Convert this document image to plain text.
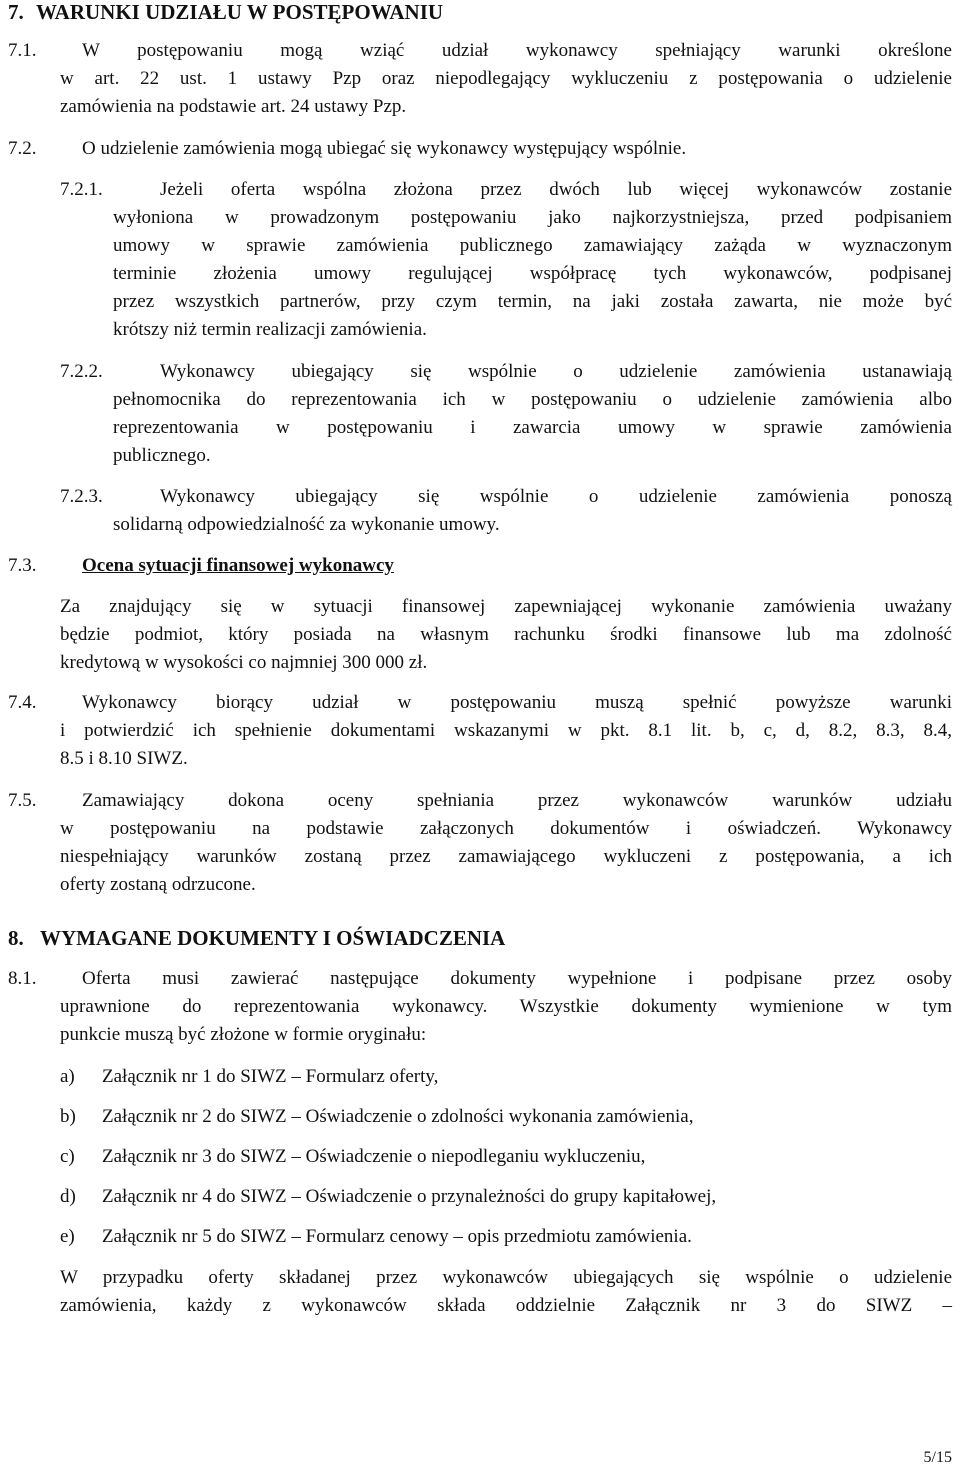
7. WARUNKI UDZIAŁU W POSTĘPOWANIU
7.1.	W postępowaniu mogą wziąć udział wykonawcy spełniający warunki określone
w art. 22 ust. 1 ustawy Pzp oraz niepodlegający wykluczeniu z postępowania o udzielenie
zamówienia na podstawie art. 24 ustawy Pzp.
7.2. O udzielenie zamówienia mogą ubiegać się wykonawcy występujący wspólnie.
7.2.1.	Jeżeli oferta wspólna złożona przez dwóch lub więcej wykonawców zostanie
wyłoniona w prowadzonym postępowaniu jako najkorzystniejsza, przed podpisaniem
umowy w sprawie zamówienia publicznego zamawiający zażąda w wyznaczonym
terminie złożenia umowy regulującej współpracę tych wykonawców, podpisanej
przez wszystkich partnerów, przy czym termin, na jaki została zawarta, nie może być
krótszy niż termin realizacji zamówienia.
7.2.2.	Wykonawcy ubiegający się wspólnie o udzielenie zamówienia ustanawiają
pełnomocnika do reprezentowania ich w postępowaniu o udzielenie zamówienia albo
reprezentowania w postępowaniu i zawarcia umowy w sprawie zamówienia
publicznego.
7.2.3.	Wykonawcy ubiegający się wspólnie o udzielenie zamówienia ponoszą
solidarną odpowiedzialność za wykonanie umowy.
7.3. Ocena sytuacji finansowej wykonawcy
Za znajdujący się w sytuacji finansowej zapewniającej wykonanie zamówienia uważany
będzie podmiot, który posiada na własnym rachunku środki finansowe lub ma zdolność
kredytową w wysokości co najmniej 300 000 zł.
7.4.	Wykonawcy biorący udział w postępowaniu muszą spełnić powyższe warunki
i potwierdzić ich spełnienie dokumentami wskazanymi w pkt. 8.1 lit. b, c, d, 8.2, 8.3, 8.4,
8.5 i 8.10 SIWZ.
7.5.	Zamawiający dokona oceny spełniania przez wykonawców warunków udziału
w postępowaniu na podstawie załączonych dokumentów i oświadczeń. Wykonawcy
niespełniający warunków zostaną przez zamawiającego wykluczeni z postępowania, a ich
oferty zostaną odrzucone.
8. WYMAGANE DOKUMENTY I OŚWIADCZENIA
8.1.	Oferta musi zawierać następujące dokumenty wypełnione i podpisane przez osoby
uprawnione do reprezentowania wykonawcy. Wszystkie dokumenty wymienione w tym
punkcie muszą być złożone w formie oryginału:
a) Załącznik nr 1 do SIWZ – Formularz oferty,
b) Załącznik nr 2 do SIWZ – Oświadczenie o zdolności wykonania zamówienia,
c) Załącznik nr 3 do SIWZ – Oświadczenie o niepodleganiu wykluczeniu,
d) Załącznik nr 4 do SIWZ – Oświadczenie o przynależności do grupy kapitałowej,
e) Załącznik nr 5 do SIWZ – Formularz cenowy – opis przedmiotu zamówienia.
W przypadku oferty składanej przez wykonawców ubiegających się wspólnie o udzielenie
zamówienia, każdy z wykonawców składa oddzielnie Załącznik nr 3 do SIWZ –
5/15
